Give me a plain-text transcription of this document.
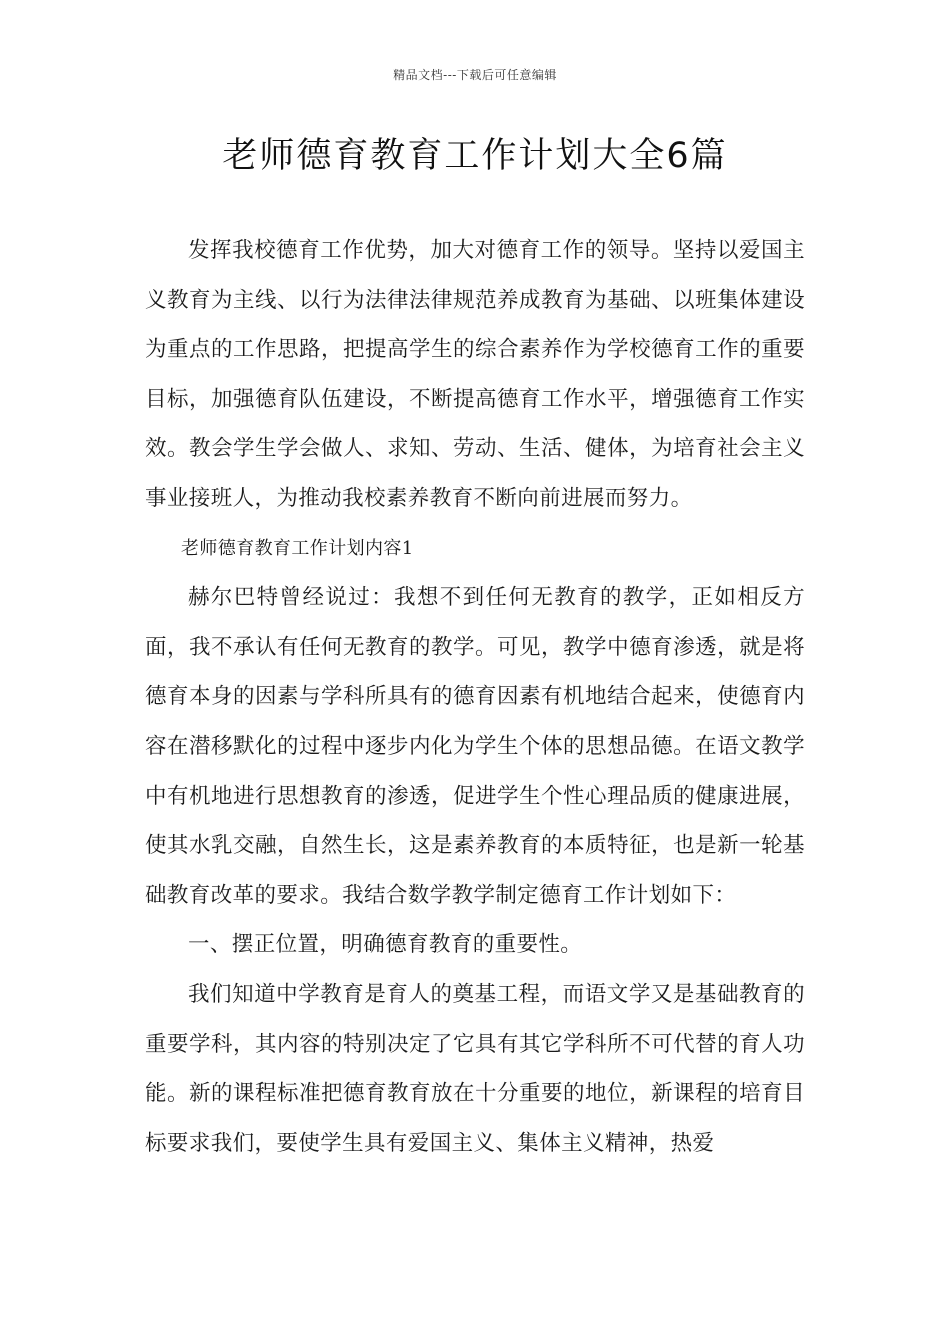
精品文档---下载后可任意编辑
老师德育教育工作计划大全6篇

发挥我校德育工作优势，加大对德育工作的领导。坚持以爱国主义教育为主线、以行为法律法律规范养成教育为基础、以班集体建设为重点的工作思路，把提高学生的综合素养作为学校德育工作的重要目标，加强德育队伍建设，不断提高德育工作水平，增强德育工作实效。教会学生学会做人、求知、劳动、生活、健体，为培育社会主义事业接班人，为推动我校素养教育不断向前进展而努力。

老师德育教育工作计划内容1

赫尔巴特曾经说过：我想不到任何无教育的教学，正如相反方面，我不承认有任何无教育的教学。可见，教学中德育渗透，就是将德育本身的因素与学科所具有的德育因素有机地结合起来，使德育内容在潜移默化的过程中逐步内化为学生个体的思想品德。在语文教学中有机地进行思想教育的渗透，促进学生个性心理品质的健康进展，使其水乳交融，自然生长，这是素养教育的本质特征，也是新一轮基础教育改革的要求。我结合数学教学制定德育工作计划如下：

一、摆正位置，明确德育教育的重要性。

我们知道中学教育是育人的奠基工程，而语文学又是基础教育的重要学科，其内容的特别决定了它具有其它学科所不可代替的育人功能。新的课程标准把德育教育放在十分重要的地位，新课程的培育目标要求我们，要使学生具有爱国主义、集体主义精神，热爱
